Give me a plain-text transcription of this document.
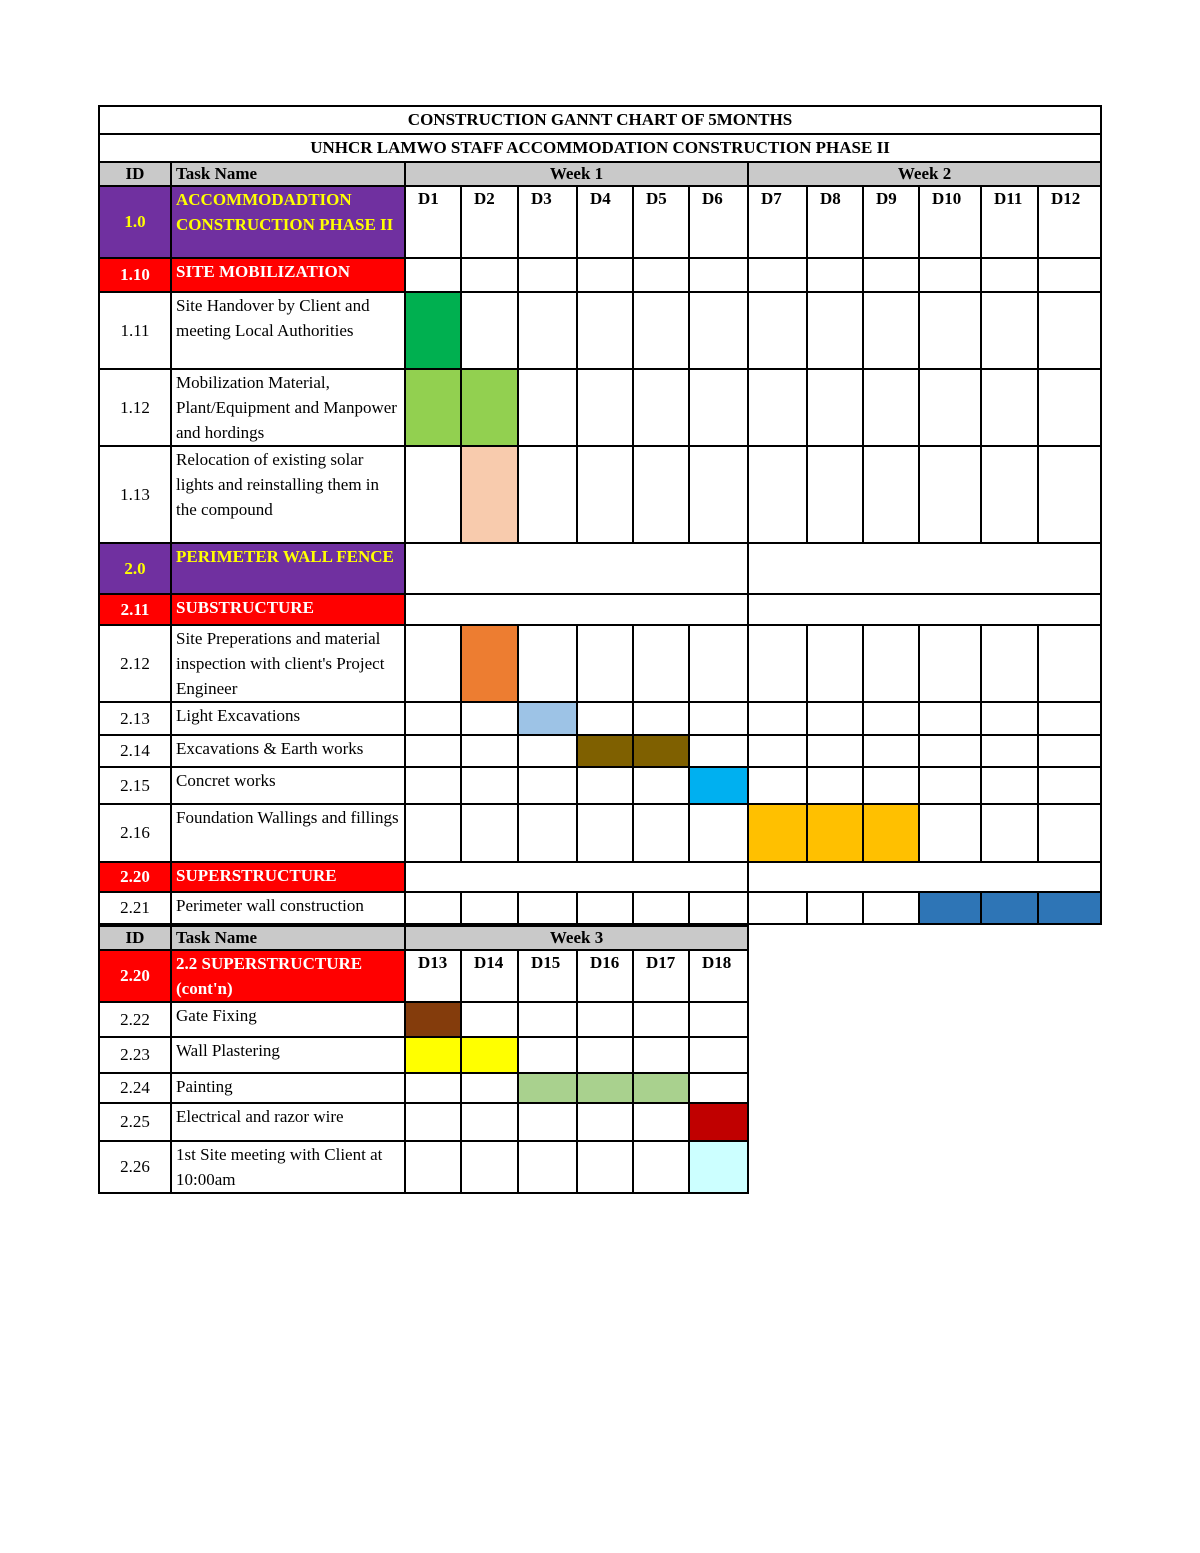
CONSTRUCTION GANNT CHART OF 5MONTHS													
UNHCR LAMWO STAFF ACCOMMODATION CONSTRUCTION PHASE II													
ID	Task Name	Week 1						Week 2					
1.0	ACCOMMODADTION CONSTRUCTION PHASE II	D1	D2	D3	D4	D5	D6	D7	D8	D9	D10	D11	D12
1.10	SITE MOBILIZATION												
1.11	Site Handover by Client and meeting Local Authorities												
1.12	Mobilization Material, Plant/Equipment and Manpower and hordings												
1.13	Relocation of existing solar lights and reinstalling them in the compound												
2.0	PERIMETER WALL FENCE												
2.11	SUBSTRUCTURE												
2.12	Site Preperations and material inspection with client's Project Engineer												
2.13	Light Excavations												
2.14	Excavations & Earth works												
2.15	Concret works												
2.16	Foundation Wallings and fillings												
2.20	SUPERSTRUCTURE												
2.21	Perimeter wall construction												
ID	Task Name	Week 3					
2.20	2.2 SUPERSTRUCTURE (cont'n)	D13	D14	D15	D16	D17	D18
2.22	Gate Fixing						
2.23	Wall Plastering						
2.24	Painting						
2.25	Electrical and razor wire						
2.26	1st Site meeting with Client at 10:00am						
